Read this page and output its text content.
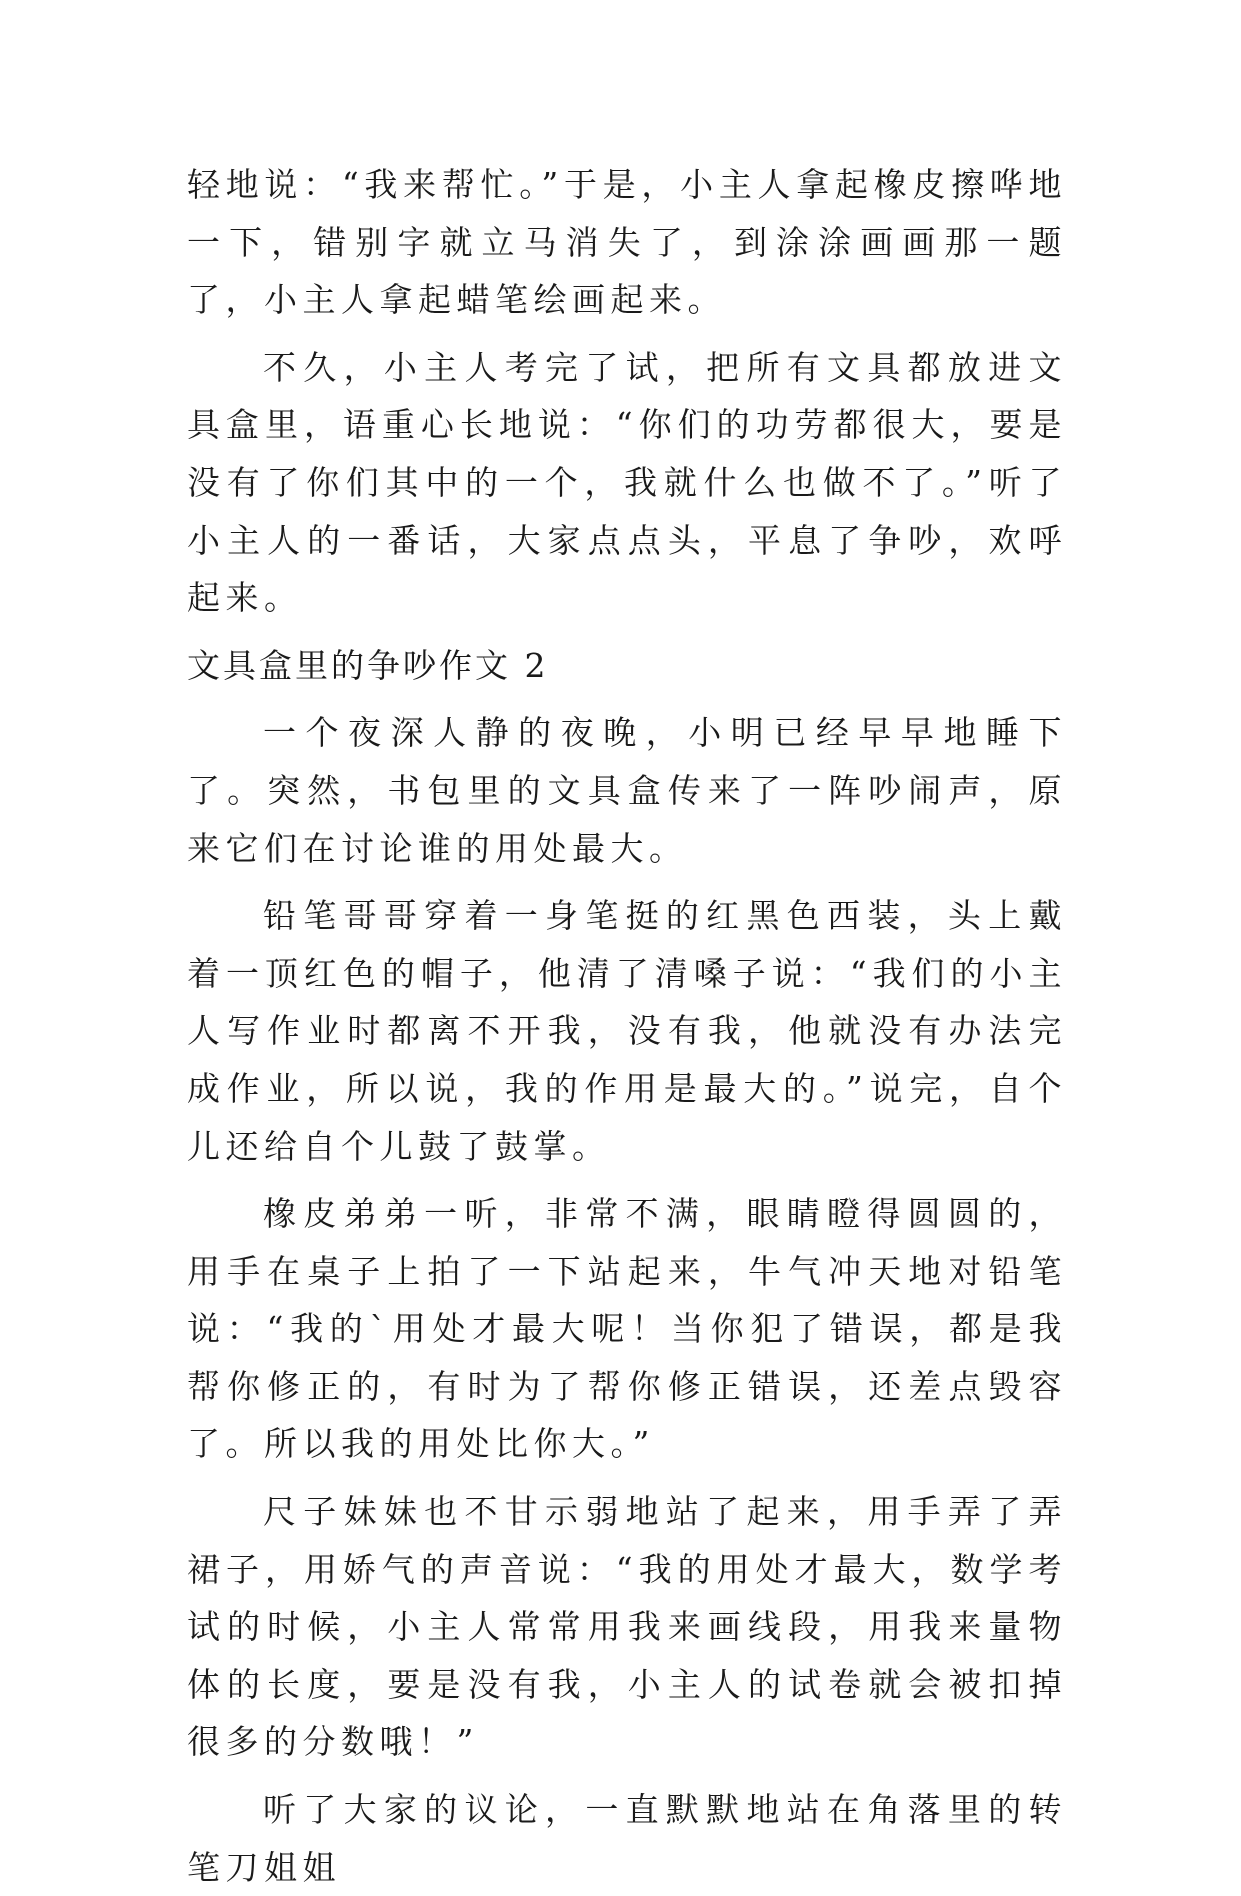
轻地说：“我来帮忙。”于是，小主人拿起橡皮擦哗地一下，错别字就立马消失了，到涂涂画画那一题了，小主人拿起蜡笔绘画起来。

不久，小主人考完了试，把所有文具都放进文具盒里，语重心长地说：“你们的功劳都很大，要是没有了你们其中的一个，我就什么也做不了。”听了小主人的一番话，大家点点头，平息了争吵，欢呼起来。

文具盒里的争吵作文 2

一个夜深人静的夜晚，小明已经早早地睡下了。突然，书包里的文具盒传来了一阵吵闹声，原来它们在讨论谁的用处最大。

铅笔哥哥穿着一身笔挺的红黑色西装，头上戴着一顶红色的帽子，他清了清嗓子说：“我们的小主人写作业时都离不开我，没有我，他就没有办法完成作业，所以说，我的作用是最大的。”说完，自个儿还给自个儿鼓了鼓掌。

橡皮弟弟一听，非常不满，眼睛瞪得圆圆的，用手在桌子上拍了一下站起来，牛气冲天地对铅笔说：“我的`用处才最大呢！当你犯了错误，都是我帮你修正的，有时为了帮你修正错误，还差点毁容了。所以我的用处比你大。”

尺子妹妹也不甘示弱地站了起来，用手弄了弄裙子，用娇气的声音说：“我的用处才最大，数学考试的时候，小主人常常用我来画线段，用我来量物体的长度，要是没有我，小主人的试卷就会被扣掉很多的分数哦！”

听了大家的议论，一直默默地站在角落里的转笔刀姐姐
